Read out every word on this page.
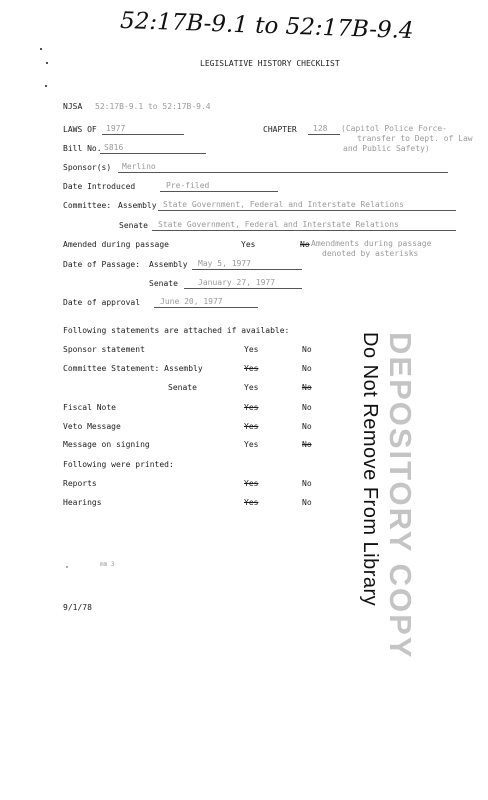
52:17B-9.1 to 52:17B-9.4
LEGISLATIVE HISTORY CHECKLIST
NJSA 52:17B-9.1 to 52:17B-9.4
LAWS OF 1977	CHAPTER 128 (Capitol Police Force-
transfer to Dept. of Law
and Public Safety)
Bill No. S816
Sponsor(s) Merlino
Date Introduced	Pre-filed
Committee: Assembly State Government, Federal and Interstate Relations
Senate State Government, Federal and Interstate Relations
Amended during passage	Yes	No Amendments during passage
denoted by asterisks
Date of Passage: Assembly May 5, 1977
Senate	January 27, 1977
Date of approval June 20, 1977
Following statements are attached if available:
Sponsor statement	Yes	No
Committee Statement: Assembly	Yes	No
Senate	Yes	No
Fiscal Note	Yes	No
Veto Message	Yes	No
Message on signing	Yes	No
Following were printed:
Reports	Yes	No
Hearings	Yes	No
mm 3
9/1/78	DEPOSITORY COPY
Do Not Remove From Library
